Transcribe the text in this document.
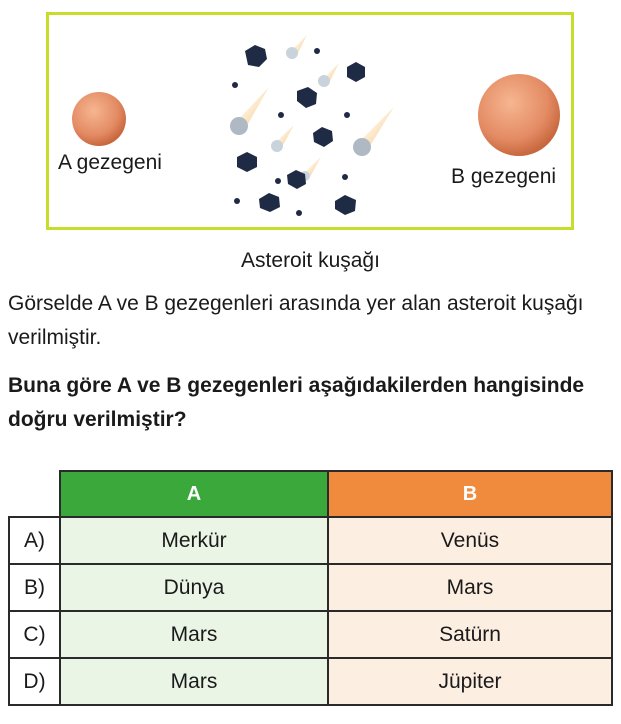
A gezegeni
B gezegeni
Asteroit kuşağı
Görselde A ve B gezegenleri arasında yer alan asteroit kuşağı verilmiştir.
Buna göre A ve B gezegenleri aşağıdakilerden hangisinde doğru verilmiştir?
	A	B
A)	Merkür	Venüs
B)	Dünya	Mars
C)	Mars	Satürn
D)	Mars	Jüpiter
